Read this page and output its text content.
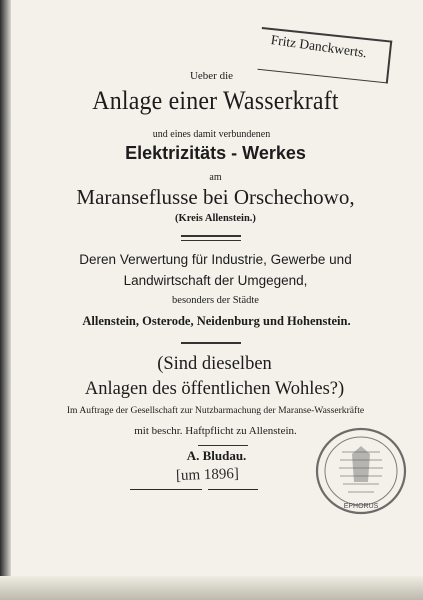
Fritz Danckwerts.
Ueber die
Anlage einer Wasserkraft
und eines damit verbundenen
Elektrizitäts - Werkes
am
Maranseflusse bei Orschechowo,
(Kreis Allenstein.)
Deren Verwertung für Industrie, Gewerbe und
Landwirtschaft der Umgegend,
besonders der Städte
Allenstein, Osterode, Neidenburg und Hohenstein.
(Sind dieselben
Anlagen des öffentlichen Wohles?)
Im Auftrage der Gesellschaft zur Nutzbarmachung der Maranse-Wasserkräfte
mit beschr. Haftpflicht zu Allenstein.
A. Bludau.
[um 1896]
EPHORUS
